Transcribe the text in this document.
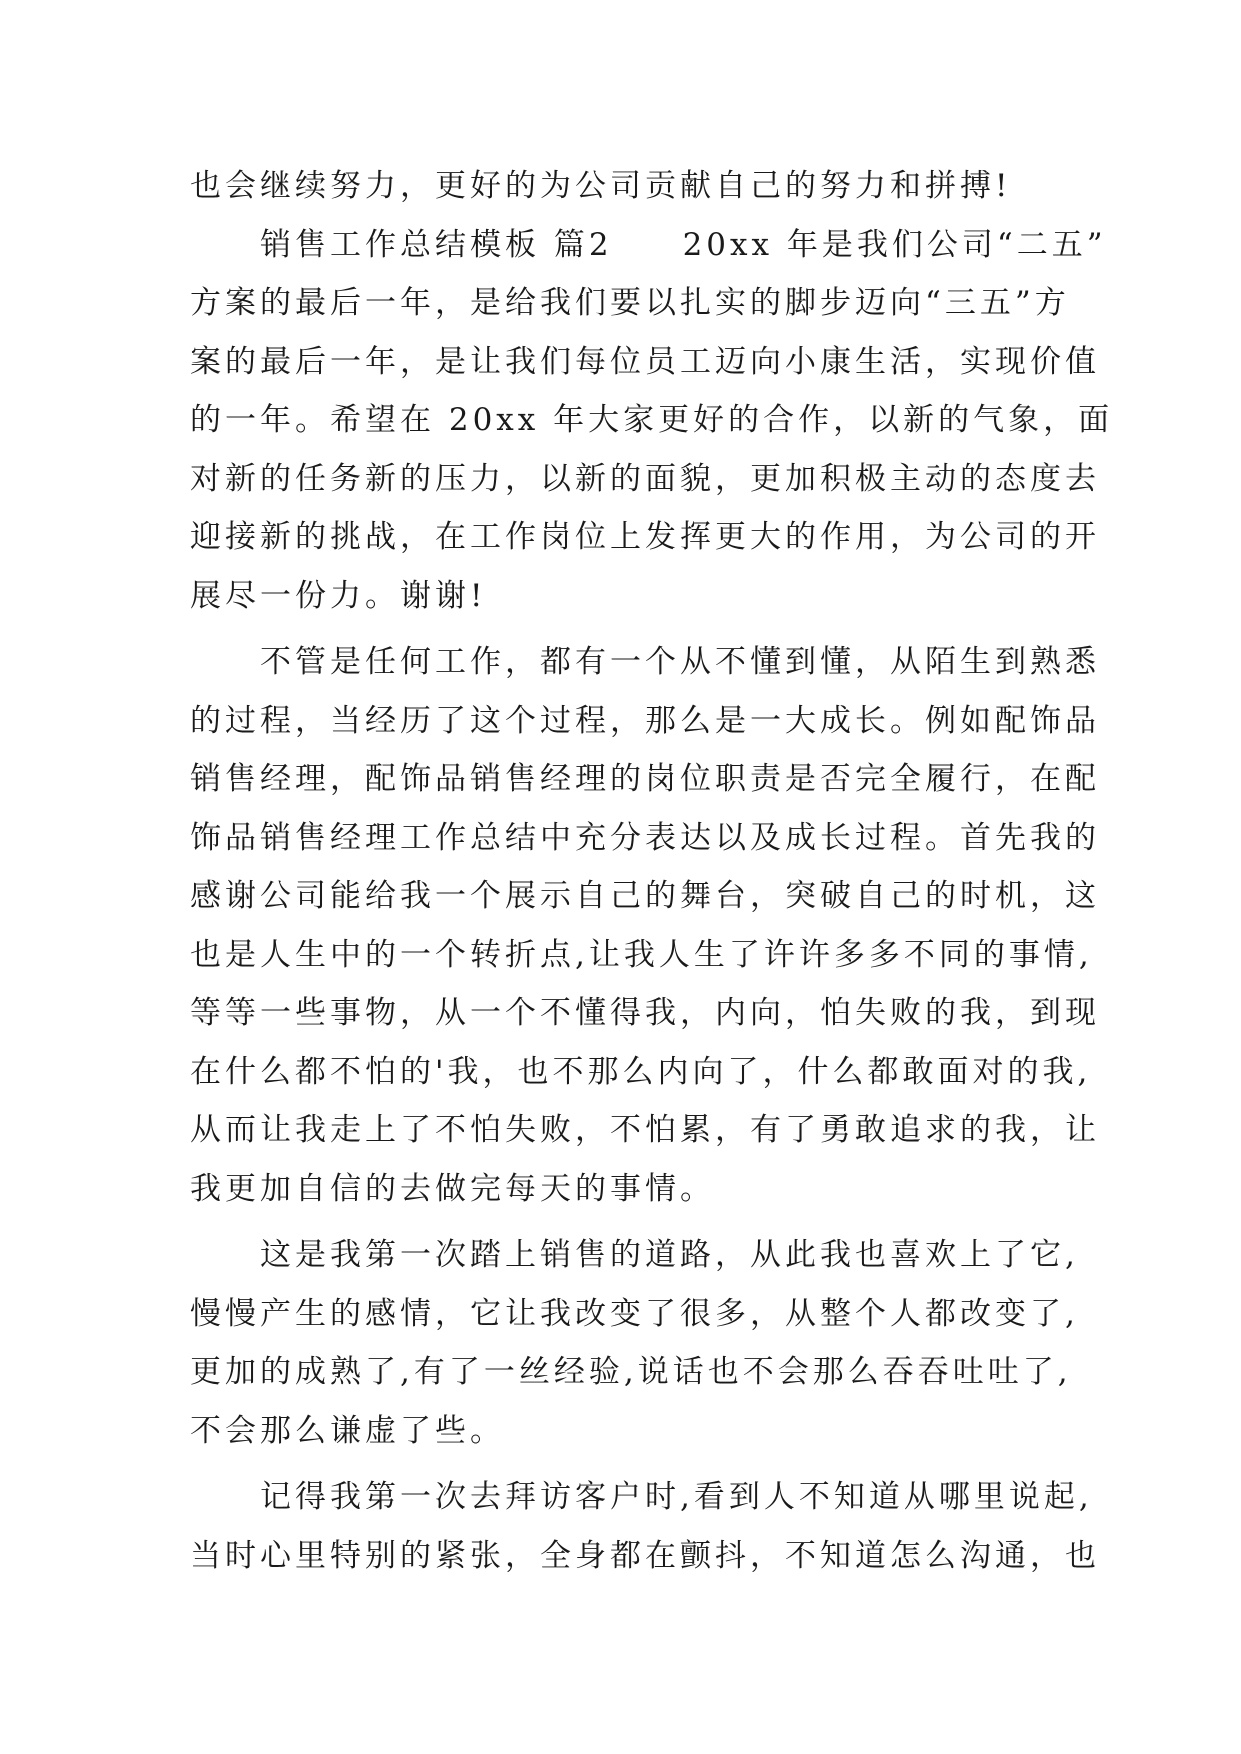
也会继续努力，更好的为公司贡献自己的努力和拼搏!
　　销售工作总结模板 篇2　　20xx 年是我们公司“二五”
方案的最后一年，是给我们要以扎实的脚步迈向“三五”方
案的最后一年，是让我们每位员工迈向小康生活，实现价值
的一年。希望在 20xx 年大家更好的合作，以新的气象，面
对新的任务新的压力，以新的面貌，更加积极主动的态度去
迎接新的挑战，在工作岗位上发挥更大的作用，为公司的开
展尽一份力。谢谢!
　　不管是任何工作，都有一个从不懂到懂，从陌生到熟悉
的过程，当经历了这个过程，那么是一大成长。例如配饰品
销售经理，配饰品销售经理的岗位职责是否完全履行，在配
饰品销售经理工作总结中充分表达以及成长过程。首先我的
感谢公司能给我一个展示自己的舞台，突破自己的时机，这
也是人生中的一个转折点,让我人生了许许多多不同的事情,
等等一些事物，从一个不懂得我，内向，怕失败的我，到现
在什么都不怕的'我，也不那么内向了，什么都敢面对的我,
从而让我走上了不怕失败，不怕累，有了勇敢追求的我，让
我更加自信的去做完每天的事情。
　　这是我第一次踏上销售的道路，从此我也喜欢上了它,
慢慢产生的感情，它让我改变了很多，从整个人都改变了,
更加的成熟了,有了一丝经验,说话也不会那么吞吞吐吐了,
不会那么谦虚了些。
　　记得我第一次去拜访客户时,看到人不知道从哪里说起,
当时心里特别的紧张，全身都在颤抖，不知道怎么沟通，也
